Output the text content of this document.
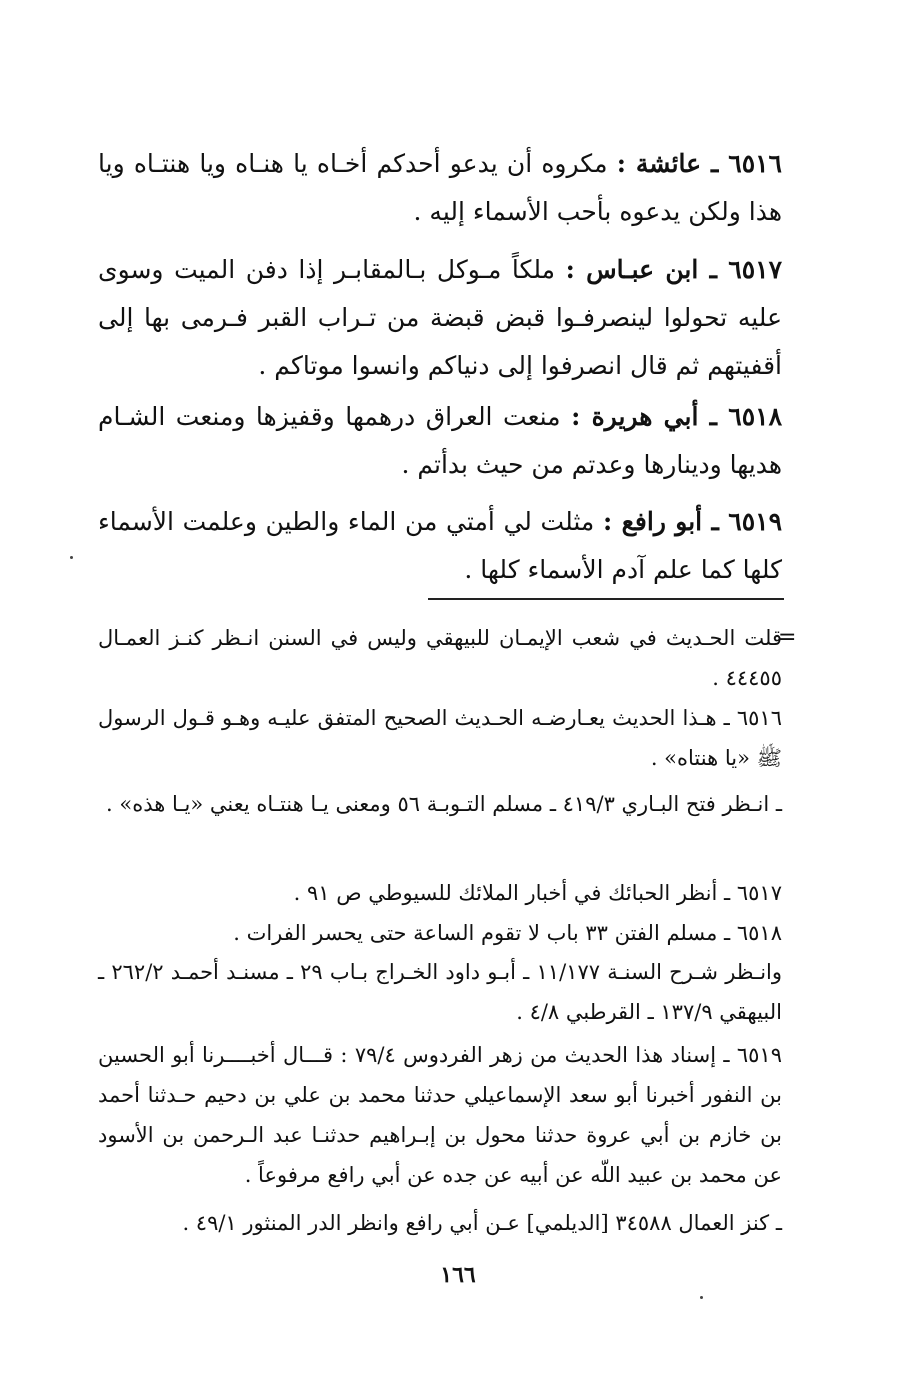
٦٥١٦ ـ عائشة : مكروه أن يدعو أحدكم أخـاه يا هنـاه ويا هنتـاه ويا هذا ولكن يدعوه بأحب الأسماء إليه .
٦٥١٧ ـ ابن عبـاس : ملكاً مـوكل بـالمقابـر إذا دفن الميت وسوى عليه تحولوا لينصرفـوا قبض قبضة من تـراب القبر فـرمى بها إلى أقفيتهم ثم قال انصرفوا إلى دنياكم وانسوا موتاكم .
٦٥١٨ ـ أبي هريرة : منعت العراق درهمها وقفيزها ومنعت الشـام هديها ودينارها وعدتم من حيث بدأتم .
٦٥١٩ ـ أبو رافع : مثلت لي أمتي من الماء والطين وعلمت الأسماء كلها كما علم آدم الأسماء كلها .
=
قلت الحـديث في شعب الإيمـان للبيهقي وليس في السنن انـظر كنـز العمـال ٤٤٤٥٥ .
٦٥١٦ ـ هـذا الحديث يعـارضـه الحـديث الصحيح المتفق عليـه وهـو قـول الرسول ﷺ «يا هنتاه» .
ـ انـظر فتح البـاري ٤١٩/٣ ـ مسلم التـوبـة ٥٦ ومعنى يـا هنتـاه يعني «يـا هذه» .
٦٥١٧ ـ أنظر الحبائك في أخبار الملائك للسيوطي ص ٩١ .
٦٥١٨ ـ مسلم الفتن ٣٣ باب لا تقوم الساعة حتى يحسر الفرات .
وانـظر شـرح السنـة ١١/١٧٧ ـ أبـو داود الخـراج بـاب ٢٩ ـ مسنـد أحمـد ٢٦٢/٢ ـ البيهقي ١٣٧/٩ ـ القرطبي ٤/٨ .
٦٥١٩ ـ إسناد هذا الحديث من زهر الفردوس ٧٩/٤ : قـــال أخبــــرنا أبو الحسين بن النفور أخبرنا أبو سعد الإسماعيلي حدثنا محمد بن علي بن دحيم حـدثنا أحمد بن خازم بن أبي عروة حدثنا محول بن إبـراهيم حدثنـا عبد الـرحمن بن الأسود عن محمد بن عبيد اللّه عن أبيه عن جده عن أبي رافع مرفوعاً .
ـ كنز العمال ٣٤٥٨٨ [الديلمي] عـن أبي رافع وانظر الدر المنثور ٤٩/١ .
١٦٦
